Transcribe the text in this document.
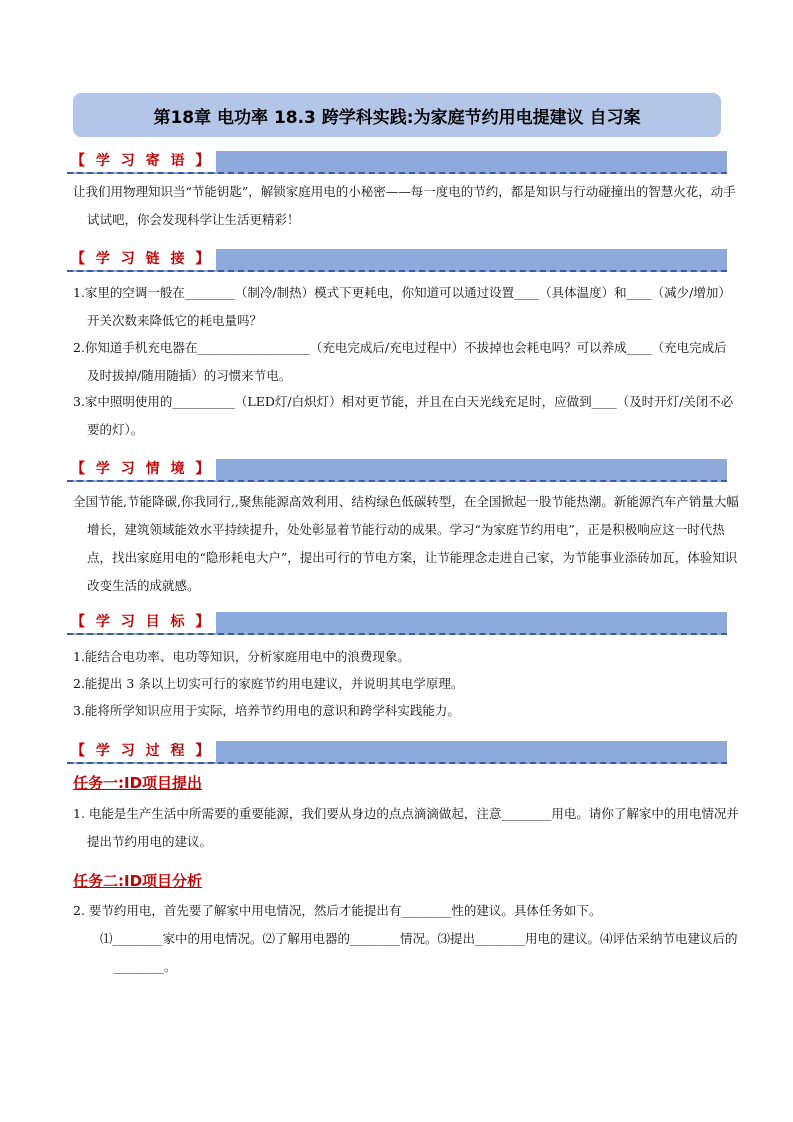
第18章 电功率 18.3 跨学科实践:为家庭节约用电提建议 自习案
【 学 习 寄 语 】
让我们用物理知识当“节能钥匙”，解锁家庭用电的小秘密——每一度电的节约，都是知识与行动碰撞出的智慧火花，动手试试吧，你会发现科学让生活更精彩！
【 学 习 链 接 】
1.家里的空调一般在________（制冷/制热）模式下更耗电，你知道可以通过设置____（具体温度）和____（减少/增加）开关次数来降低它的耗电量吗？
2.你知道手机充电器在__________________（充电完成后/充电过程中）不拔掉也会耗电吗？可以养成____（充电完成后及时拔掉/随用随插）的习惯来节电。
3.家中照明使用的__________（LED灯/白炽灯）相对更节能，并且在白天光线充足时，应做到____（及时开灯/关闭不必要的灯）。
【 学 习 情 境 】
全国节能,节能降碳,你我同行,,聚焦能源高效利用、结构绿色低碳转型，在全国掀起一股节能热潮。新能源汽车产销量大幅增长，建筑领域能效水平持续提升，处处彰显着节能行动的成果。学习“为家庭节约用电”，正是积极响应这一时代热点，找出家庭用电的“隐形耗电大户”，提出可行的节电方案，让节能理念走进自己家，为节能事业添砖加瓦，体验知识改变生活的成就感。
【 学 习 目 标 】
1.能结合电功率、电功等知识，分析家庭用电中的浪费现象。
2.能提出 3 条以上切实可行的家庭节约用电建议，并说明其电学原理。
3.能将所学知识应用于实际，培养节约用电的意识和跨学科实践能力。
【 学 习 过 程 】
任务一:ID项目提出
1. 电能是生产生活中所需要的重要能源，我们要从身边的点点滴滴做起，注意________用电。请你了解家中的用电情况并提出节约用电的建议。
任务二:ID项目分析
2. 要节约用电，首先要了解家中用电情况，然后才能提出有________性的建议。具体任务如下。
⑴________家中的用电情况。⑵了解用电器的________情况。⑶提出________用电的建议。⑷评估采纳节电建议后的________。
